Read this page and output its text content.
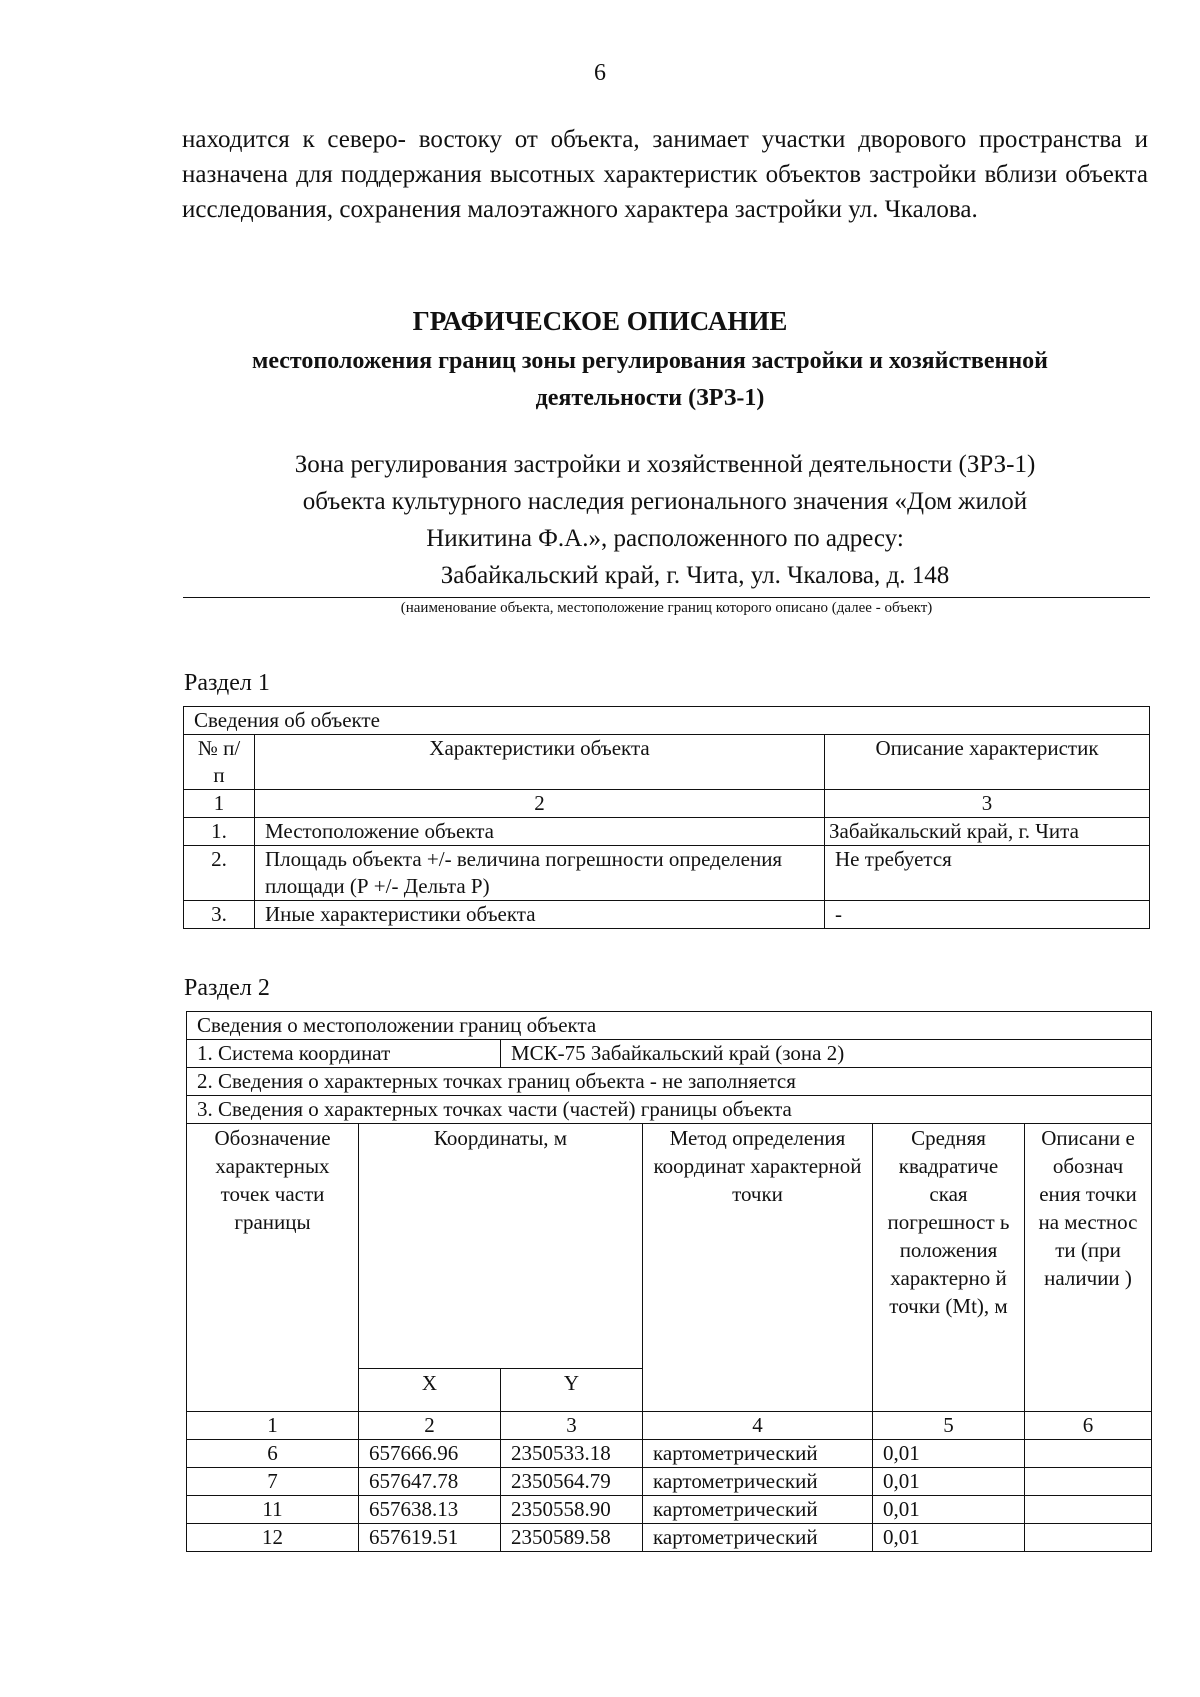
6

находится к северо- востоку от объекта, занимает участки дворового пространства и назначена для поддержания высотных характеристик объектов застройки вблизи объекта исследования, сохранения малоэтажного характера застройки ул. Чкалова.

ГРАФИЧЕСКОЕ ОПИСАНИЕ
местоположения границ зоны регулирования застройки и хозяйственной деятельности (ЗРЗ-1)
Зона регулирования застройки и хозяйственной деятельности (ЗРЗ-1)
объекта культурного наследия регионального значения «Дом жилой
Никитина Ф.А.», расположенного по адресу:
Забайкальский край, г. Чита, ул. Чкалова, д. 148
(наименование объекта, местоположение границ которого описано (далее - объект)
Раздел 1
Сведения об объекте		
№ п/п	Характеристики объекта	Описание характеристик
1	2	3
1.	Местоположение объекта	Забайкальский край, г. Чита
2.	Площадь объекта +/- величина погрешности определения площади (Р +/- Дельта Р)	Не требуется
3.	Иные характеристики объекта	-
Раздел 2
Сведения о местоположении границ объекта					
1. Система координат		МСК-75 Забайкальский край (зона 2)			
2. Сведения о характерных точках границ объекта - не заполняется					
3. Сведения о характерных точках части (частей) границы объекта					
Обозначение характерных точек части границы	Координаты, м		Метод определения координат характерной точки	Средняя квадратиче ская погрешност ь положения характерно й точки (Mt), м	Описани е обознач ения точки на местнос ти (при наличии )
	X	Y			
1	2	3	4	5	6
6	657666.96	2350533.18	картометрический	0,01	
7	657647.78	2350564.79	картометрический	0,01	
11	657638.13	2350558.90	картометрический	0,01	
12	657619.51	2350589.58	картометрический	0,01	
